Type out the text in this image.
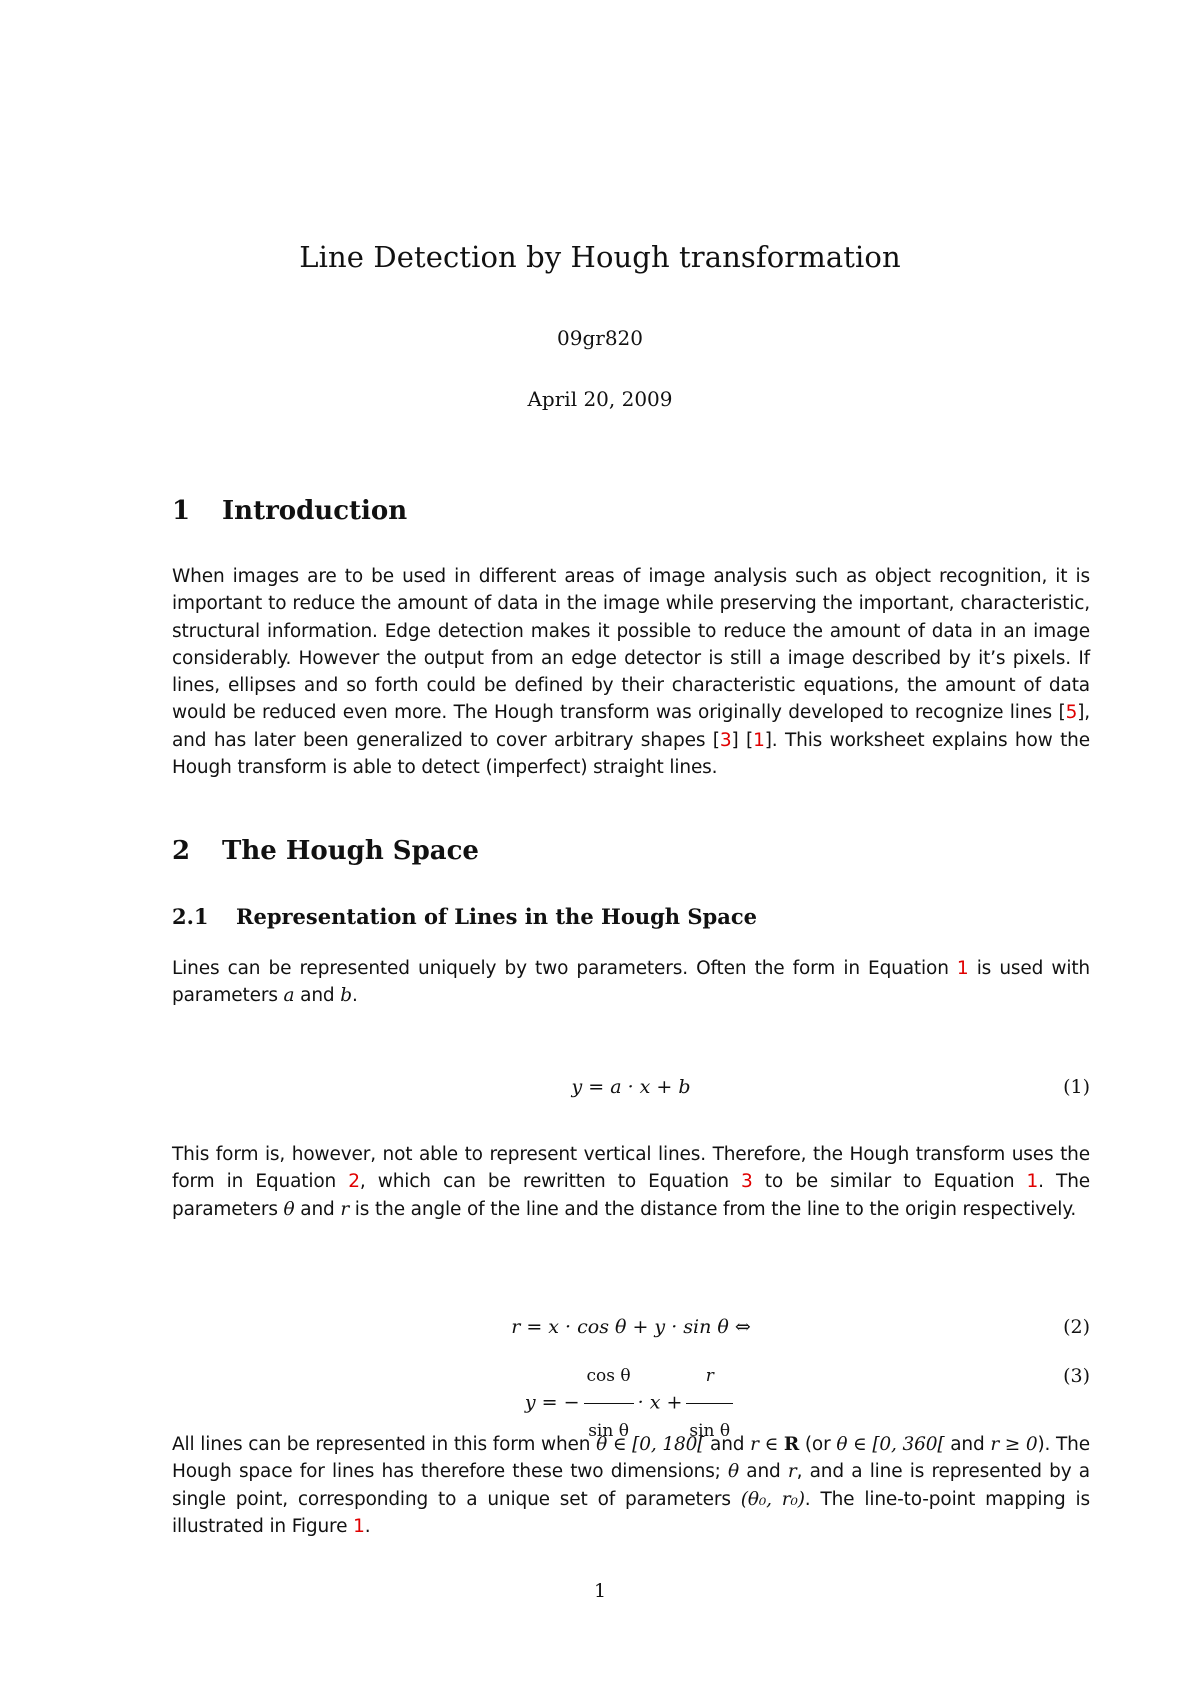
Line Detection by Hough transformation
09gr820
April 20, 2009
1 Introduction
When images are to be used in different areas of image analysis such as object recognition, it is important to reduce the amount of data in the image while preserving the important, characteristic, structural information. Edge detection makes it possible to reduce the amount of data in an image considerably. However the output from an edge detector is still a image described by it’s pixels. If lines, ellipses and so forth could be defined by their characteristic equations, the amount of data would be reduced even more. The Hough transform was originally developed to recognize lines [5], and has later been generalized to cover arbitrary shapes [3] [1]. This worksheet explains how the Hough transform is able to detect (imperfect) straight lines.
2 The Hough Space
2.1 Representation of Lines in the Hough Space
Lines can be represented uniquely by two parameters. Often the form in Equation 1 is used with parameters a and b.
y = a · x + b	(1)
This form is, however, not able to represent vertical lines. Therefore, the Hough transform uses the form in Equation 2, which can be rewritten to Equation 3 to be similar to Equation 1. The parameters θ and r is the angle of the line and the distance from the line to the origin respectively.
r = x · cos θ + y · sin θ ⇔	(2)
y = − $\frac{\text{cos θ}}{\text{sin θ}} \cdot x + \frac{r}{\text{sin θ}}$	(3)
All lines can be represented in this form when θ ∈ [0, 180[ and r ∈ R (or θ ∈ [0, 360[ and r ≥ 0). The Hough space for lines has therefore these two dimensions; θ and r, and a line is represented by a single point, corresponding to a unique set of parameters (θ₀, r₀). The line-to-point mapping is illustrated in Figure 1.
1
